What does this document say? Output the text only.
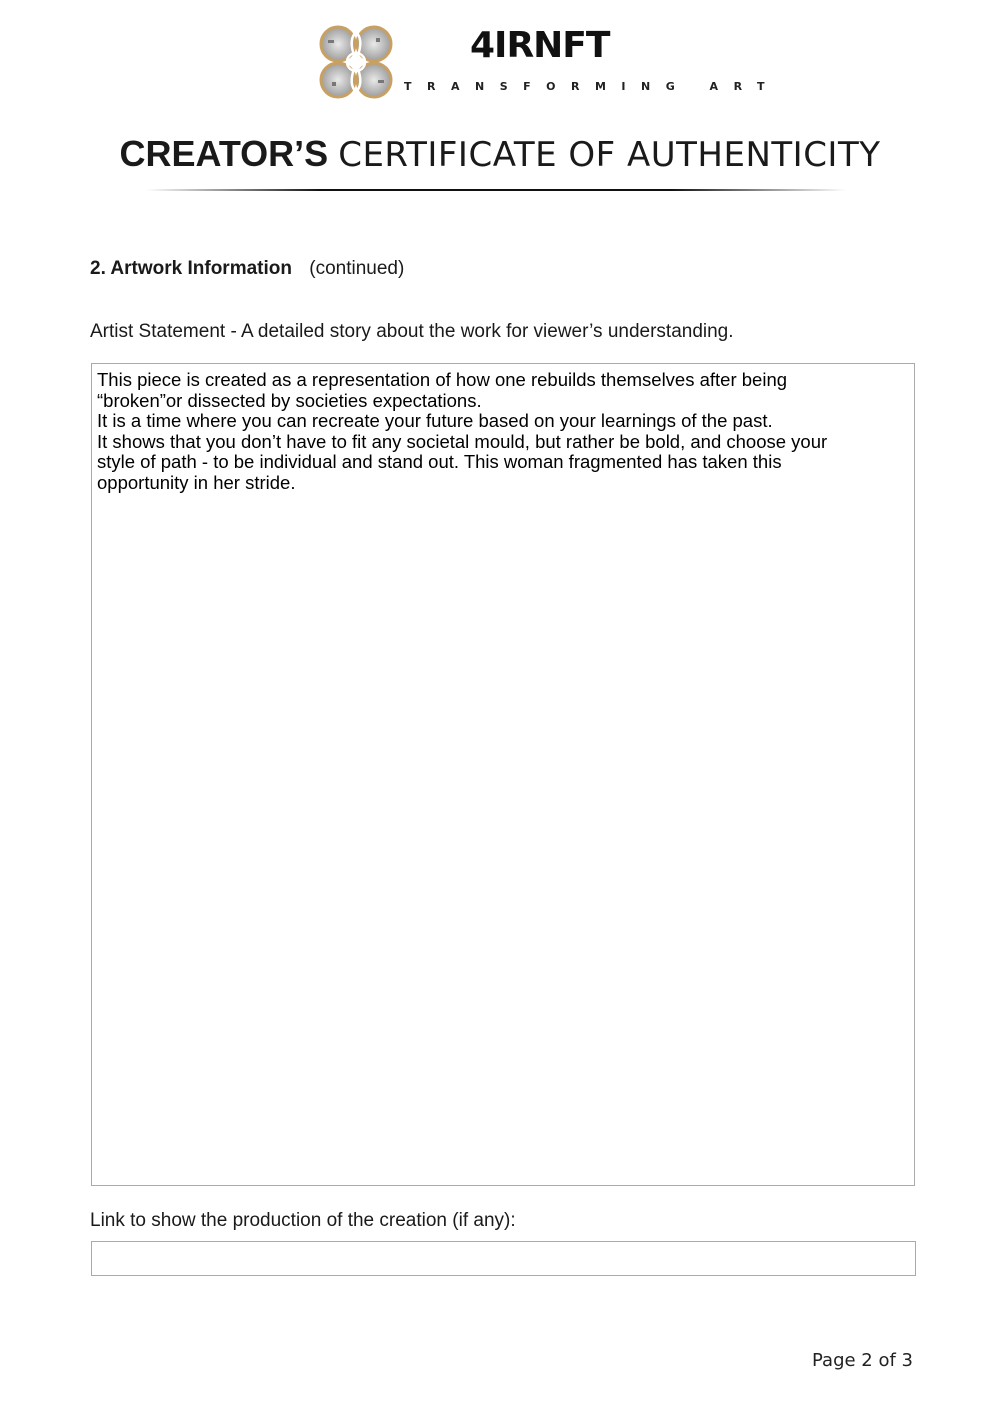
4IRNFT
TRANSFORMING ART
CREATOR’S CERTIFICATE OF AUTHENTICITY
2. Artwork Information (continued)
Artist Statement - A detailed story about the work for viewer’s understanding.
This piece is created as a representation of how one rebuilds themselves after being
“broken”or dissected by societies expectations.
It is a time where you can recreate your future based on your learnings of the past.
It shows that you don’t have to fit any societal mould, but rather be bold, and choose your
style of path - to be individual and stand out. This woman fragmented has taken this
opportunity in her stride.
Link to show the production of the creation (if any):
Page 2 of 3
